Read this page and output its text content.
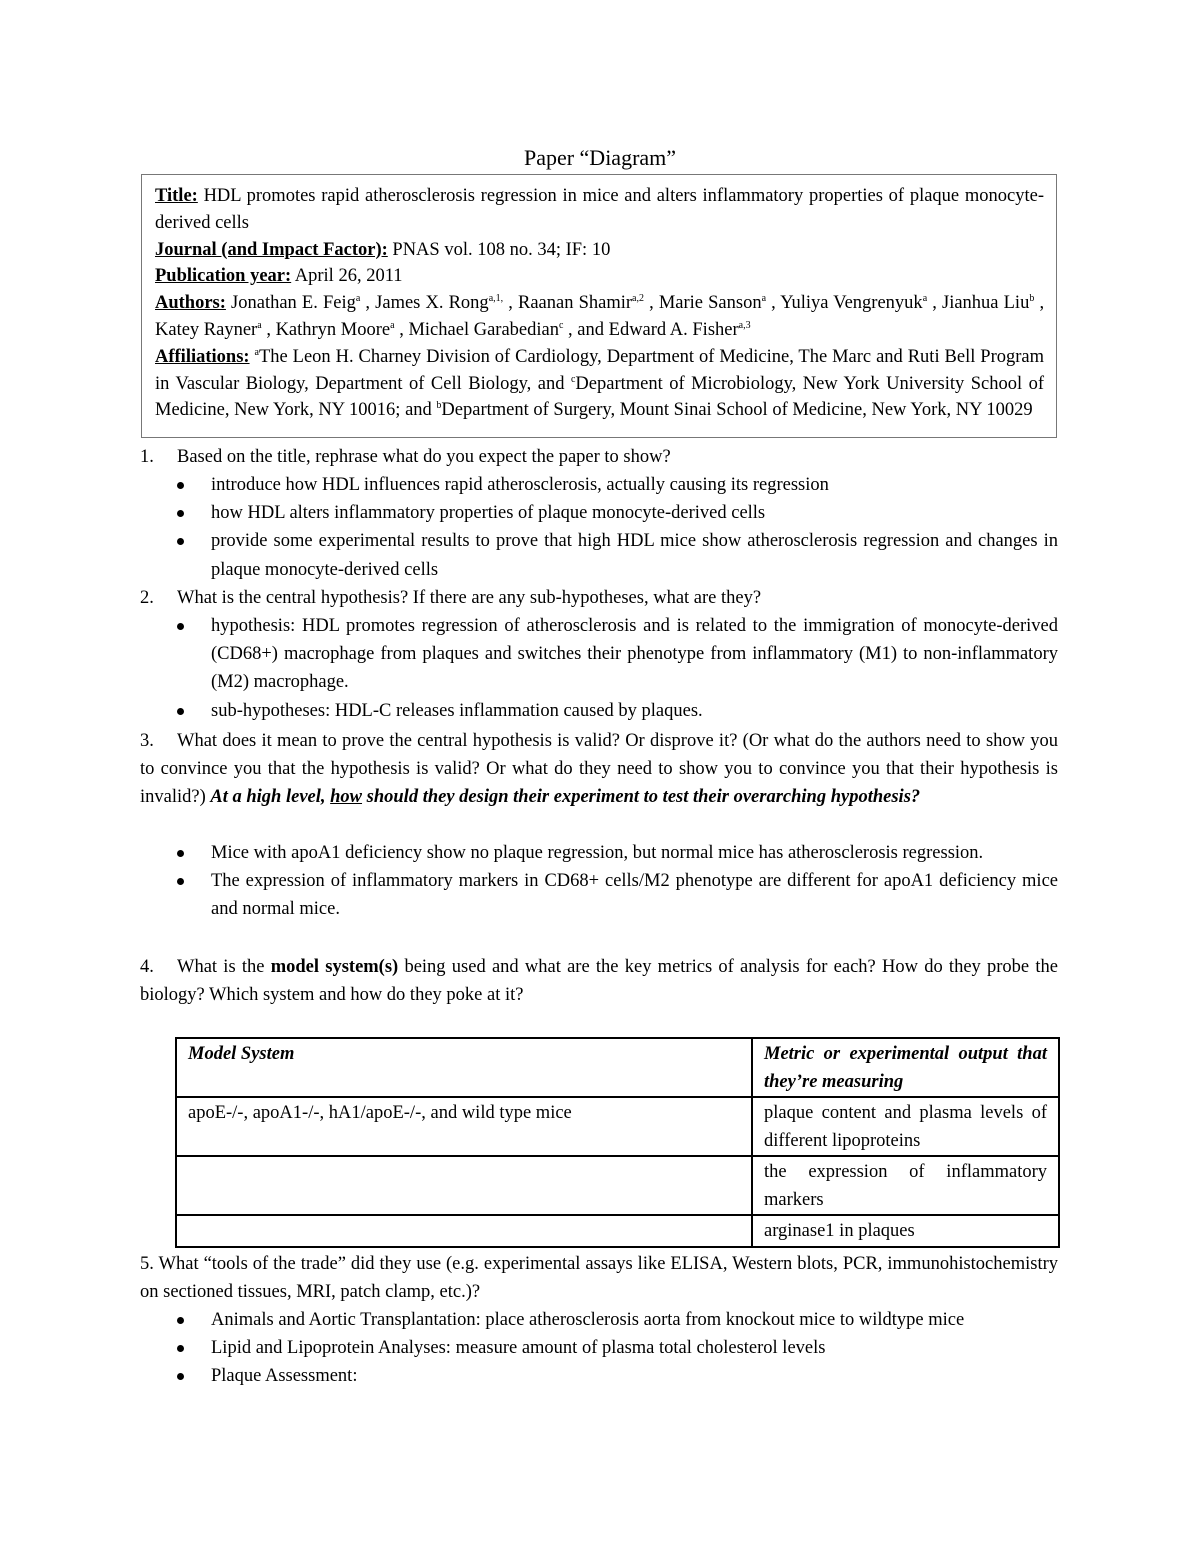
Paper “Diagram”

Title: HDL promotes rapid atherosclerosis regression in mice and alters inflammatory properties of plaque monocyte-derived cells

Journal (and Impact Factor): PNAS vol. 108 no. 34; IF: 10

Publication year: April 26, 2011

Authors: Jonathan E. Feig$^a$ , James X. Rong$^{a,1,}$ , Raanan Shamir$^{a,2}$ , Marie Sanson$^a$ , Yuliya Vengrenyuk$^a$ , Jianhua Liu$^b$ , Katey Rayner$^a$ , Kathryn Moore$^a$ , Michael Garabedian$^c$ , and Edward A. Fisher$^{a,3}$

Affiliations: $^a$The Leon H. Charney Division of Cardiology, Department of Medicine, The Marc and Ruti Bell Program in Vascular Biology, Department of Cell Biology, and $^c$Department of Microbiology, New York University School of Medicine, New York, NY 10016; and $^b$Department of Surgery, Mount Sinai School of Medicine, New York, NY 10029

1. Based on the title, rephrase what do you expect the paper to show?
introduce how HDL influences rapid atherosclerosis, actually causing its regression
how HDL alters inflammatory properties of plaque monocyte-derived cells
provide some experimental results to prove that high HDL mice show atherosclerosis regression and changes in plaque monocyte-derived cells
2. What is the central hypothesis? If there are any sub-hypotheses, what are they?
hypothesis: HDL promotes regression of atherosclerosis and is related to the immigration of monocyte-derived (CD68+) macrophage from plaques and switches their phenotype from inflammatory (M1) to non-inflammatory (M2) macrophage.
sub-hypotheses: HDL-C releases inflammation caused by plaques.
3. What does it mean to prove the central hypothesis is valid? Or disprove it? (Or what do the authors need to show you to convince you that the hypothesis is valid? Or what do they need to show you to convince you that their hypothesis is invalid?) At a high level, how should they design their experiment to test their overarching hypothesis?
Mice with apoA1 deficiency show no plaque regression, but normal mice has atherosclerosis regression.
The expression of inflammatory markers in CD68+ cells/M2 phenotype are different for apoA1 deficiency mice and normal mice.
4. What is the model system(s) being used and what are the key metrics of analysis for each? How do they probe the biology? Which system and how do they poke at it?
Model System	Metric or experimental output that they’re measuring
apoE-/-, apoA1-/-, hA1/apoE-/-, and wild type mice	plaque content and plasma levels of different lipoproteins
	the expression of inflammatory markers
	arginase1 in plaques
5. What “tools of the trade” did they use (e.g. experimental assays like ELISA, Western blots, PCR, immunohistochemistry on sectioned tissues, MRI, patch clamp, etc.)?
Animals and Aortic Transplantation: place atherosclerosis aorta from knockout mice to wildtype mice
Lipid and Lipoprotein Analyses: measure amount of plasma total cholesterol levels
Plaque Assessment:
